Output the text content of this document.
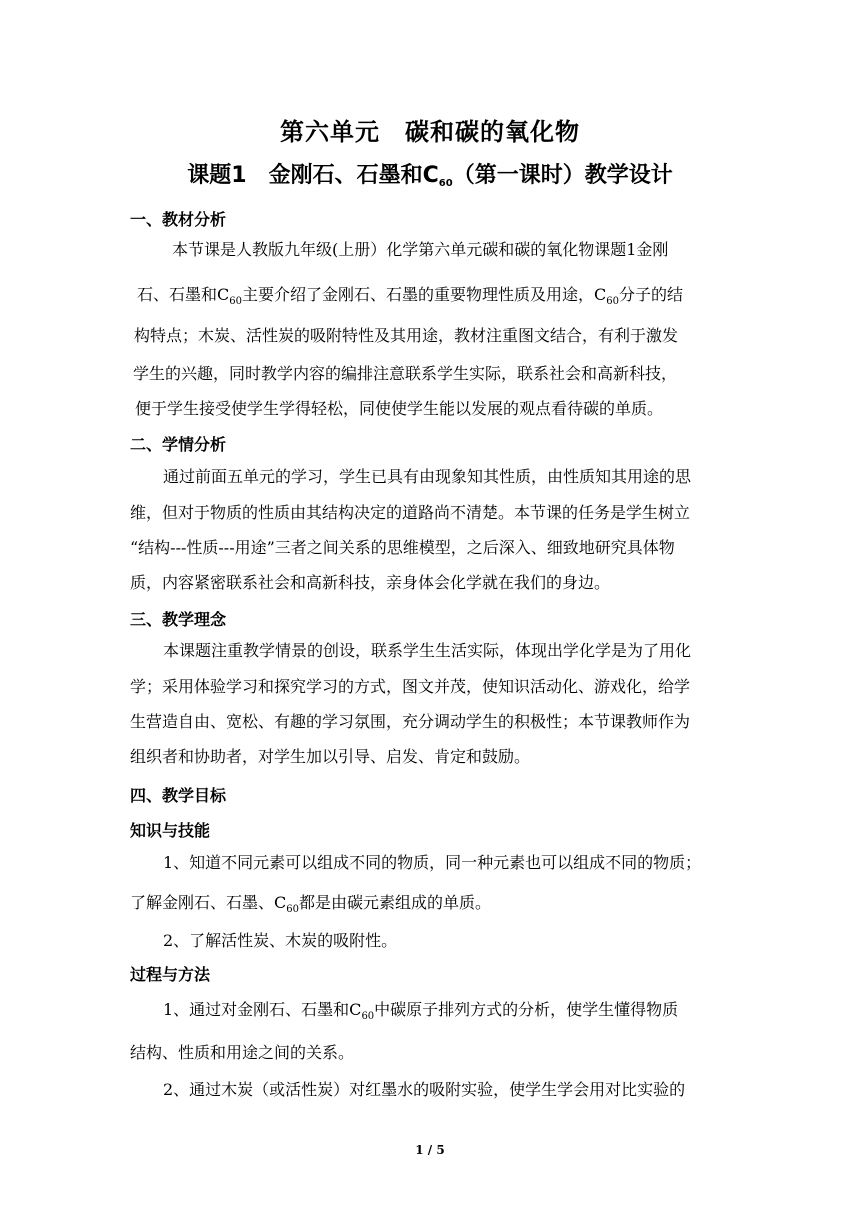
第六单元　碳和碳的氧化物
课题1　金刚石、石墨和$C_{60}$（第一课时）教学设计
一、教材分析
本节课是人教版九年级(上册）化学第六单元碳和碳的氧化物课题1金刚
石、石墨和$C_{60}$主要介绍了金刚石、石墨的重要物理性质及用途，$C_{60}$分子的结
构特点；木炭、活性炭的吸附特性及其用途，教材注重图文结合，有利于激发
学生的兴趣，同时教学内容的编排注意联系学生实际，联系社会和高新科技，
便于学生接受使学生学得轻松，同使使学生能以发展的观点看待碳的单质。
二、学情分析
通过前面五单元的学习，学生已具有由现象知其性质，由性质知其用途的思
维，但对于物质的性质由其结构决定的道路尚不清楚。本节课的任务是学生树立
“结构---性质---用途”三者之间关系的思维模型，之后深入、细致地研究具体物
质，内容紧密联系社会和高新科技，亲身体会化学就在我们的身边。
三、教学理念
本课题注重教学情景的创设，联系学生生活实际，体现出学化学是为了用化
学；采用体验学习和探究学习的方式，图文并茂，使知识活动化、游戏化，给学
生营造自由、宽松、有趣的学习氛围，充分调动学生的积极性；本节课教师作为
组织者和协助者，对学生加以引导、启发、肯定和鼓励。
四、教学目标
知识与技能
1、知道不同元素可以组成不同的物质，同一种元素也可以组成不同的物质；
了解金刚石、石墨、$C_{60}$都是由碳元素组成的单质。
2、了解活性炭、木炭的吸附性。
过程与方法
1、通过对金刚石、石墨和$C_{60}$中碳原子排列方式的分析，使学生懂得物质
结构、性质和用途之间的关系。
2、通过木炭（或活性炭）对红墨水的吸附实验，使学生学会用对比实验的
1 / 5
